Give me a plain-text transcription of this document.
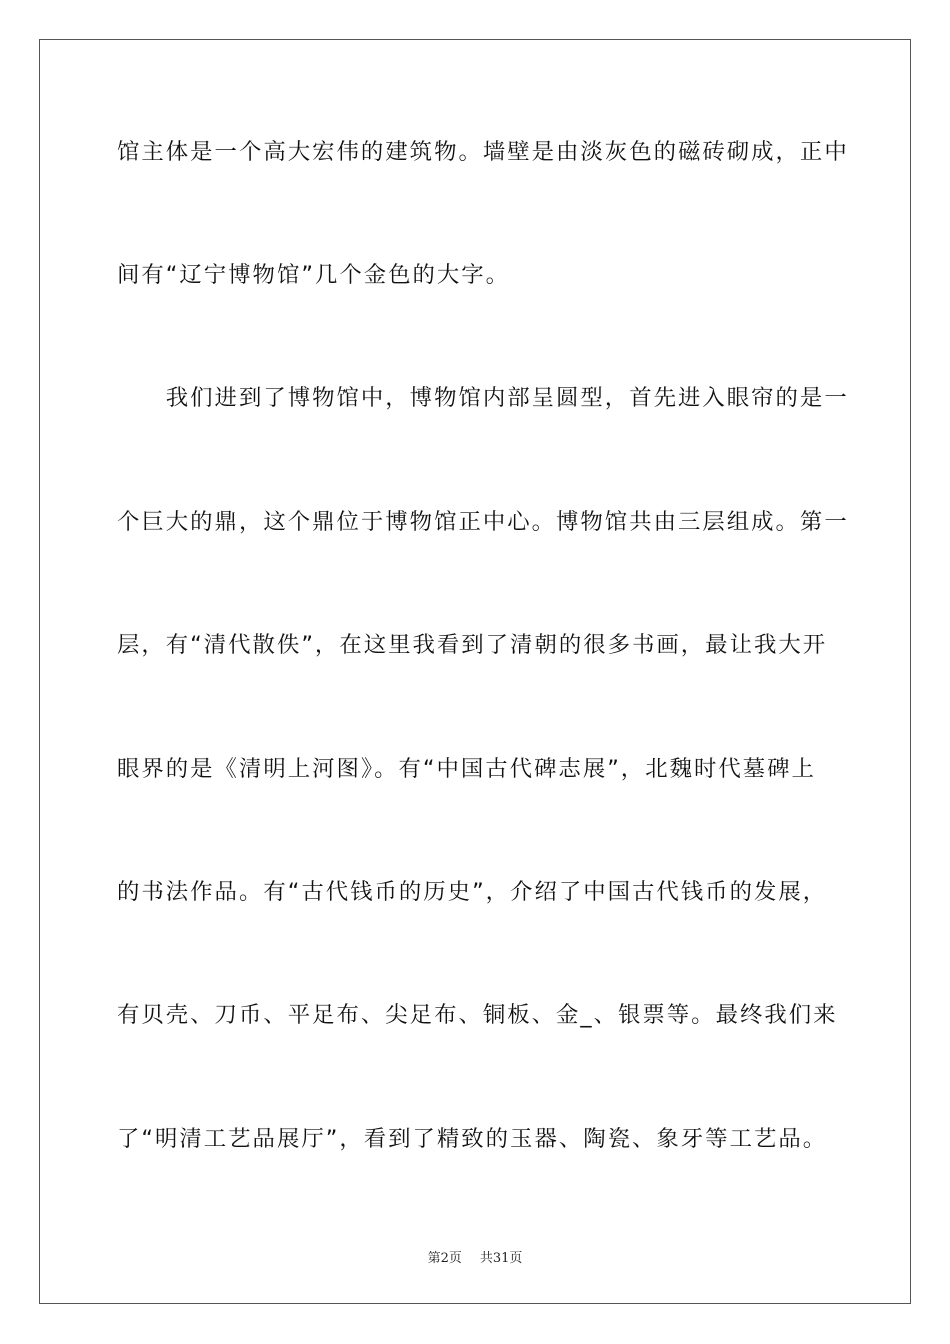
馆主体是一个高大宏伟的建筑物。墙壁是由淡灰色的磁砖砌成，正中
间有“辽宁博物馆”几个金色的大字。
　　我们进到了博物馆中，博物馆内部呈圆型，首先进入眼帘的是一
个巨大的鼎，这个鼎位于博物馆正中心。博物馆共由三层组成。第一
层，有“清代散佚”，在这里我看到了清朝的很多书画，最让我大开
眼界的是《清明上河图》。有“中国古代碑志展”，北魏时代墓碑上
的书法作品。有“古代钱币的历史”，介绍了中国古代钱币的发展，
有贝壳、刀币、平足布、尖足布、铜板、金_、银票等。最终我们来
了“明清工艺品展厅”，看到了精致的玉器、陶瓷、象牙等工艺品。
第2页 共31页
